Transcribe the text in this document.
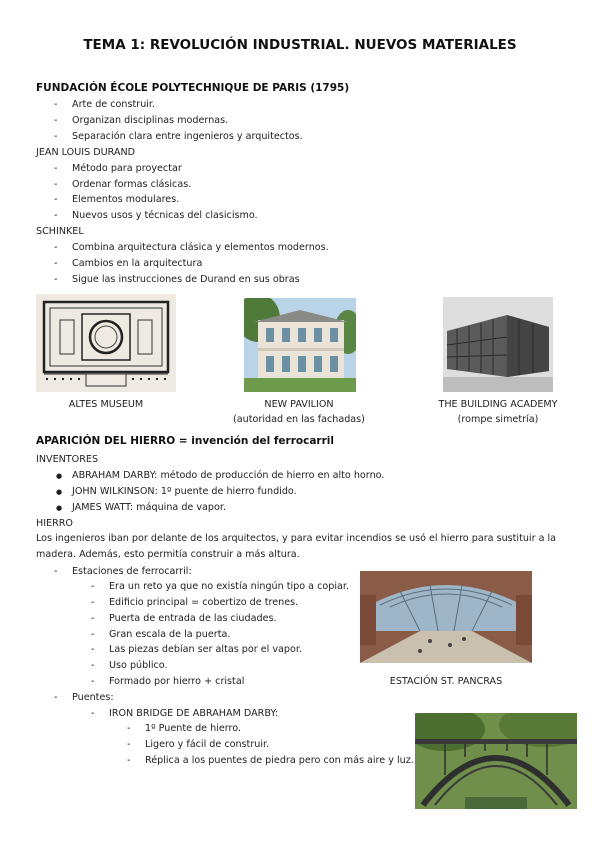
TEMA 1: REVOLUCIÓN INDUSTRIAL. NUEVOS MATERIALES
FUNDACIÓN ÉCOLE POLYTECHNIQUE DE PARIS (1795)
- Arte de construir.
- Organizan disciplinas modernas.
- Separación clara entre ingenieros y arquitectos.
JEAN LOUIS DURAND
- Método para proyectar
- Ordenar formas clásicas.
- Elementos modulares.
- Nuevos usos y técnicas del clasicismo.
SCHINKEL
- Combina arquitectura clásica y elementos modernos.
- Cambios en la arquitectura
- Sigue las instrucciones de Durand en sus obras
ALTES MUSEUM	NEW PAVILION
(autoridad en las fachadas)
THE BUILDING ACADEMY
(rompe simetría)
APARICIÓN DEL HIERRO = invención del ferrocarril
INVENTORES
● ABRAHAM DARBY: método de producción de hierro en alto horno.
● JOHN WILKINSON: 1º puente de hierro fundido.
● JAMES WATT: máquina de vapor.
HIERRO
Los ingenieros iban por delante de los arquitectos, y para evitar incendios se usó el hierro para sustituir a la madera. Además, esto permitía construir a más altura.
- Estaciones de ferrocarril:
- Era un reto ya que no existía ningún tipo a copiar.
- Edificio principal = cobertizo de trenes.
- Puerta de entrada de las ciudades.
- Gran escala de la puerta.
- Las piezas debían ser altas por el vapor.
- Uso público.
- Formado por hierro + cristal	ESTACIÓN ST. PANCRAS
- Puentes:
- IRON BRIDGE DE ABRAHAM DARBY:
- 1º Puente de hierro.
- Ligero y fácil de construir.
- Réplica a los puentes de piedra pero con más aire y luz.
